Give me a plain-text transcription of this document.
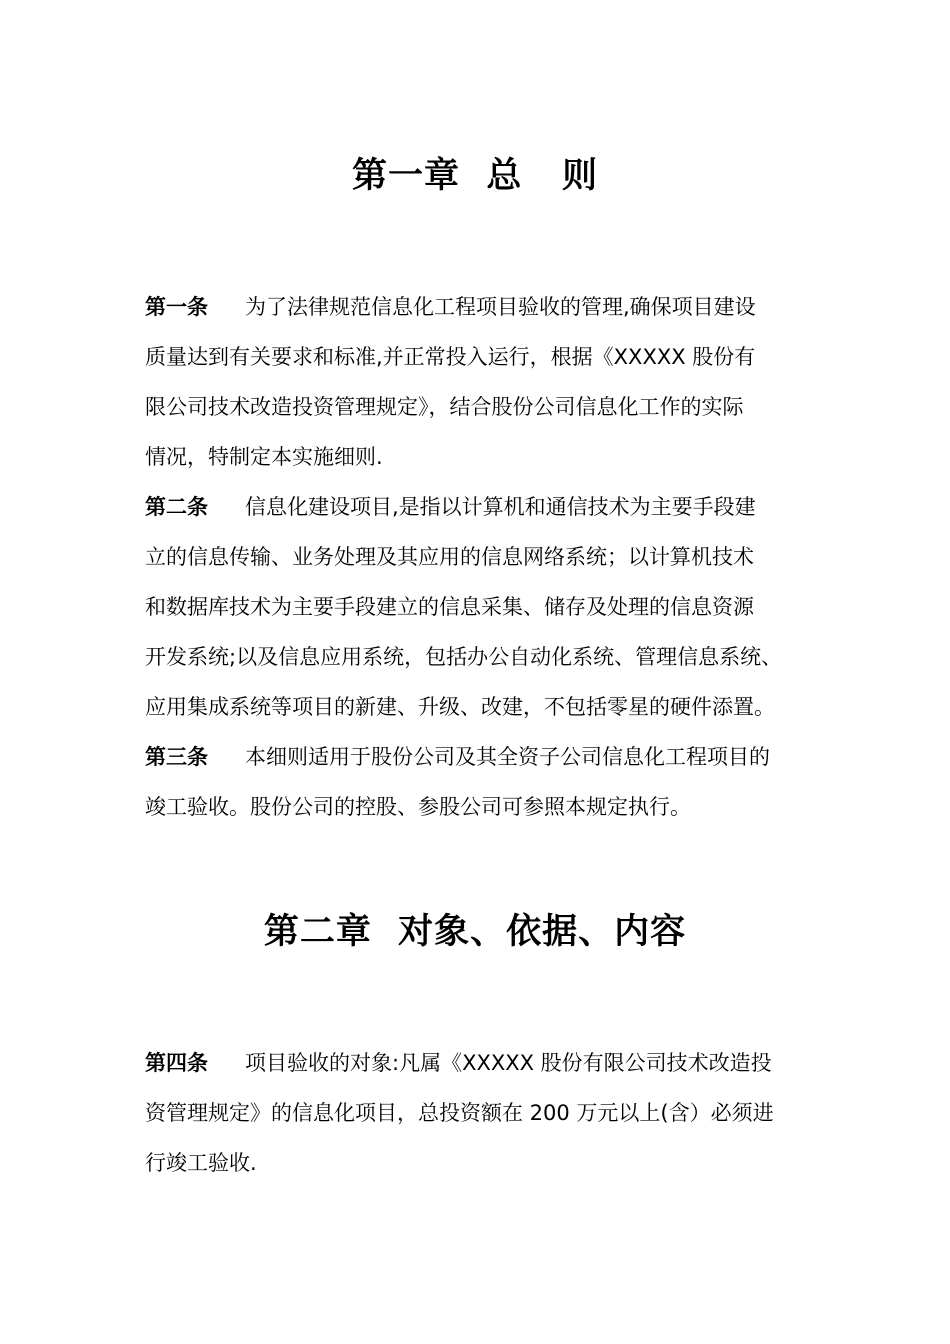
第一章  总   则
第一条 为了法律规范信息化工程项目验收的管理,确保项目建设
质量达到有关要求和标准,并正常投入运行，根据《XXXXX 股份有
限公司技术改造投资管理规定》，结合股份公司信息化工作的实际
情况，特制定本实施细则.
第二条 信息化建设项目,是指以计算机和通信技术为主要手段建
立的信息传输、业务处理及其应用的信息网络系统；以计算机技术
和数据库技术为主要手段建立的信息采集、储存及处理的信息资源
开发系统;以及信息应用系统，包括办公自动化系统、管理信息系统、
应用集成系统等项目的新建、升级、改建，不包括零星的硬件添置。
第三条 本细则适用于股份公司及其全资子公司信息化工程项目的
竣工验收。股份公司的控股、参股公司可参照本规定执行。
第二章  对象、依据、内容
第四条 项目验收的对象:凡属《XXXXX 股份有限公司技术改造投
资管理规定》的信息化项目，总投资额在 200 万元以上(含）必须进
行竣工验收.
